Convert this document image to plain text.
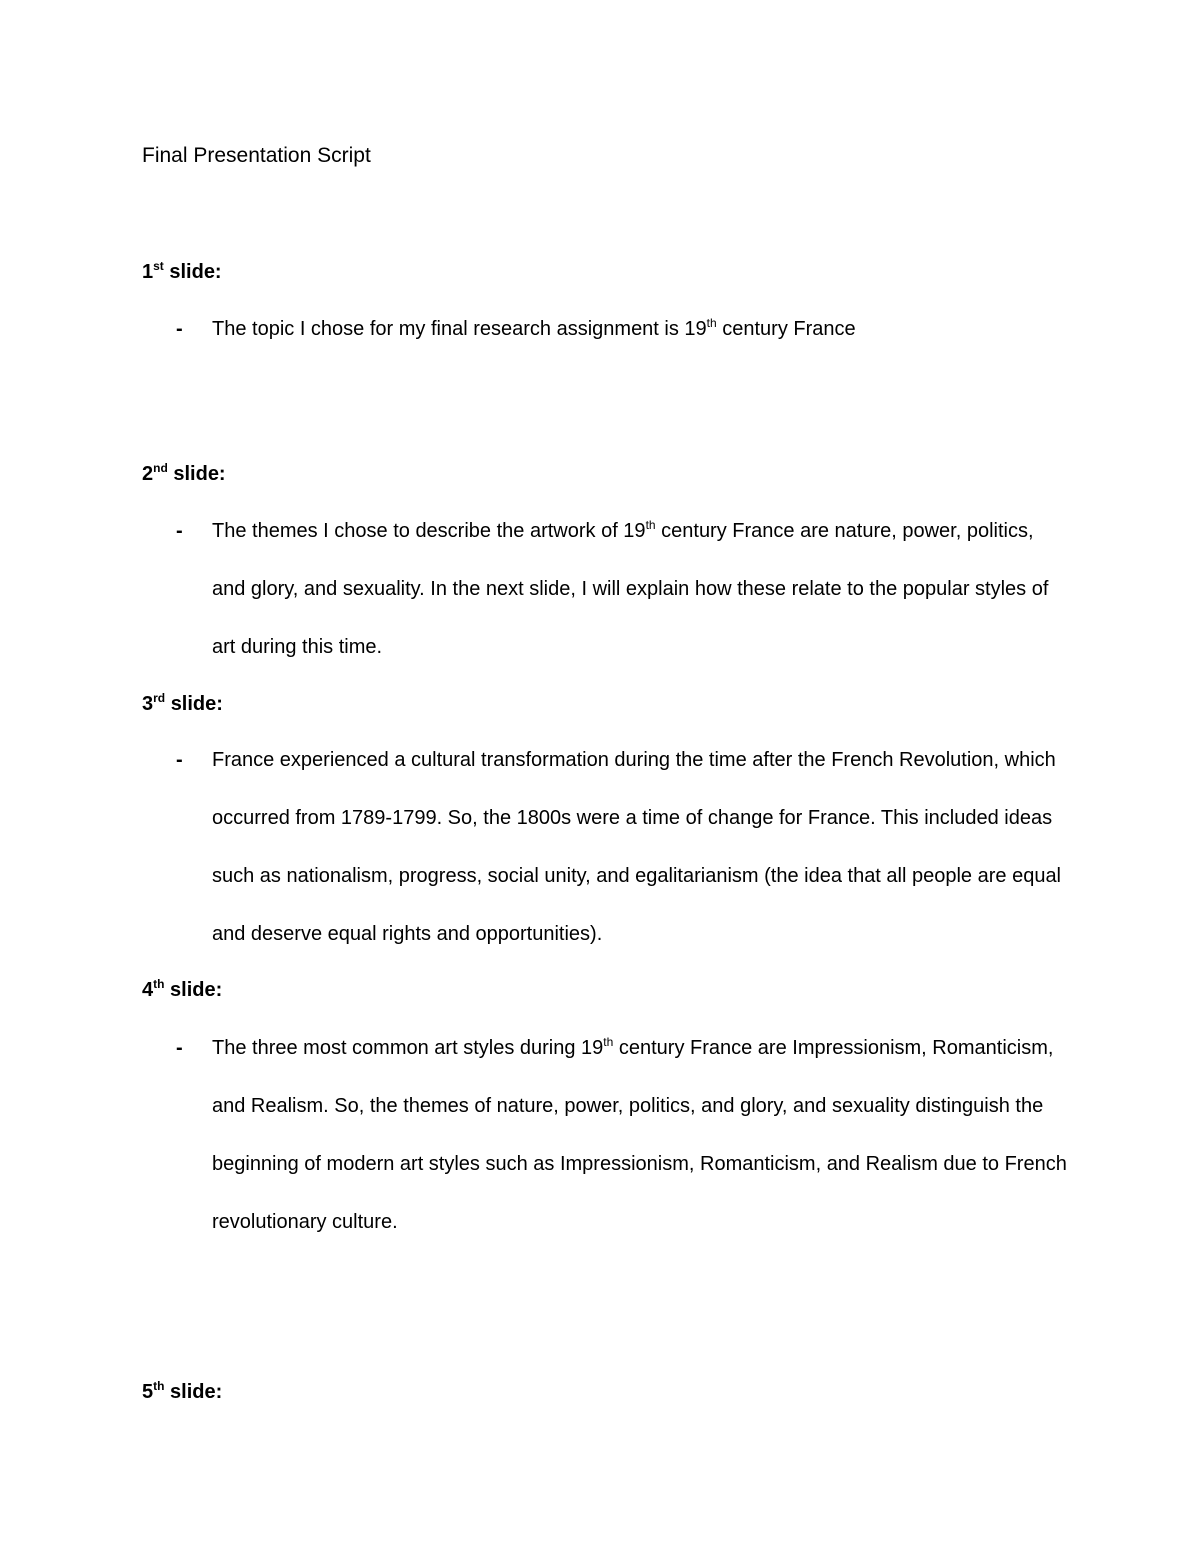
Final Presentation Script
1st slide:
- The topic I chose for my final research assignment is 19th century France
2nd slide:
- The themes I chose to describe the artwork of 19th century France are nature, power, politics, and glory, and sexuality. In the next slide, I will explain how these relate to the popular styles of art during this time.
3rd slide:
- France experienced a cultural transformation during the time after the French Revolution, which occurred from 1789-1799. So, the 1800s were a time of change for France. This included ideas such as nationalism, progress, social unity, and egalitarianism (the idea that all people are equal and deserve equal rights and opportunities).
4th slide:
- The three most common art styles during 19th century France are Impressionism, Romanticism, and Realism. So, the themes of nature, power, politics, and glory, and sexuality distinguish the beginning of modern art styles such as Impressionism, Romanticism, and Realism due to French revolutionary culture.
5th slide:
